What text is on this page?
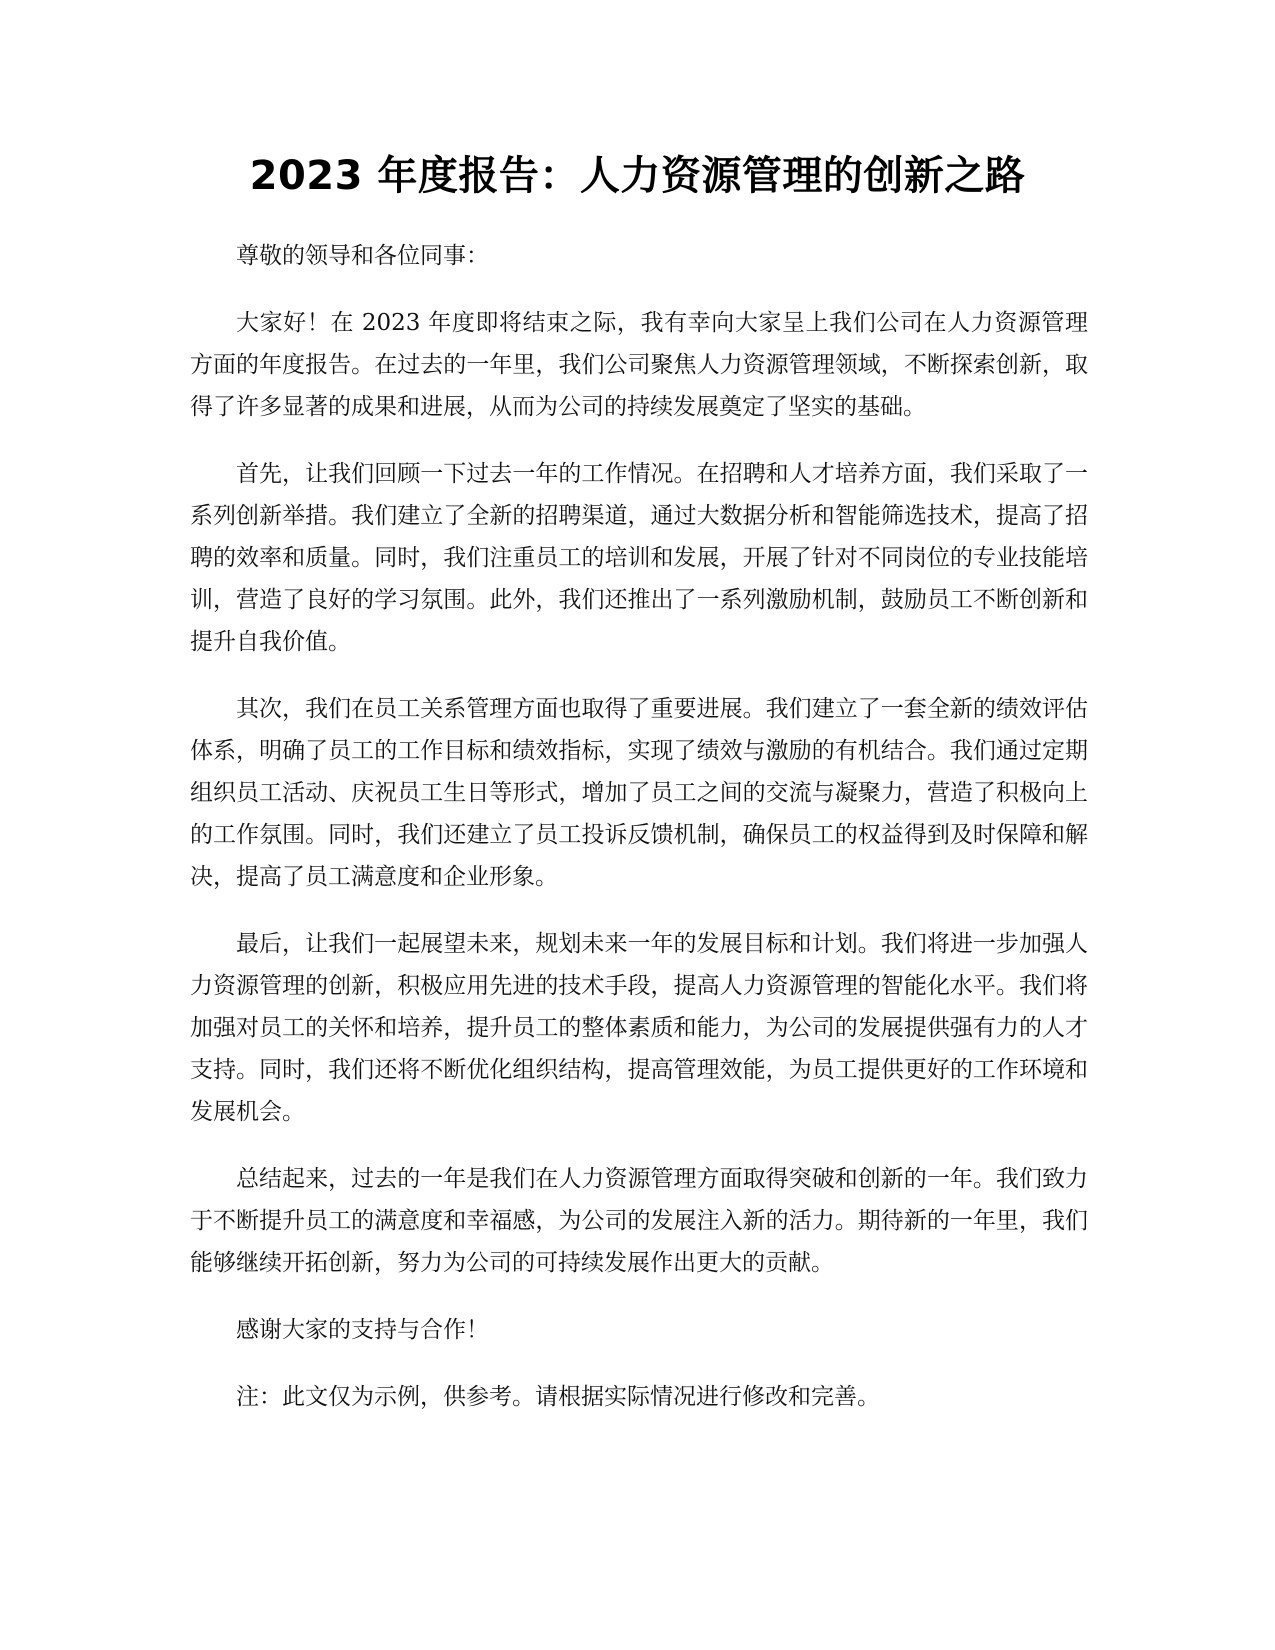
2023 年度报告：人力资源管理的创新之路

尊敬的领导和各位同事：

大家好！在 2023 年度即将结束之际，我有幸向大家呈上我们公司在人力资源管理方面的年度报告。在过去的一年里，我们公司聚焦人力资源管理领域，不断探索创新，取得了许多显著的成果和进展，从而为公司的持续发展奠定了坚实的基础。

首先，让我们回顾一下过去一年的工作情况。在招聘和人才培养方面，我们采取了一系列创新举措。我们建立了全新的招聘渠道，通过大数据分析和智能筛选技术，提高了招聘的效率和质量。同时，我们注重员工的培训和发展，开展了针对不同岗位的专业技能培训，营造了良好的学习氛围。此外，我们还推出了一系列激励机制，鼓励员工不断创新和提升自我价值。

其次，我们在员工关系管理方面也取得了重要进展。我们建立了一套全新的绩效评估体系，明确了员工的工作目标和绩效指标，实现了绩效与激励的有机结合。我们通过定期组织员工活动、庆祝员工生日等形式，增加了员工之间的交流与凝聚力，营造了积极向上的工作氛围。同时，我们还建立了员工投诉反馈机制，确保员工的权益得到及时保障和解决，提高了员工满意度和企业形象。

最后，让我们一起展望未来，规划未来一年的发展目标和计划。我们将进一步加强人力资源管理的创新，积极应用先进的技术手段，提高人力资源管理的智能化水平。我们将加强对员工的关怀和培养，提升员工的整体素质和能力，为公司的发展提供强有力的人才支持。同时，我们还将不断优化组织结构，提高管理效能，为员工提供更好的工作环境和发展机会。

总结起来，过去的一年是我们在人力资源管理方面取得突破和创新的一年。我们致力于不断提升员工的满意度和幸福感，为公司的发展注入新的活力。期待新的一年里，我们能够继续开拓创新，努力为公司的可持续发展作出更大的贡献。

感谢大家的支持与合作！

注：此文仅为示例，供参考。请根据实际情况进行修改和完善。
